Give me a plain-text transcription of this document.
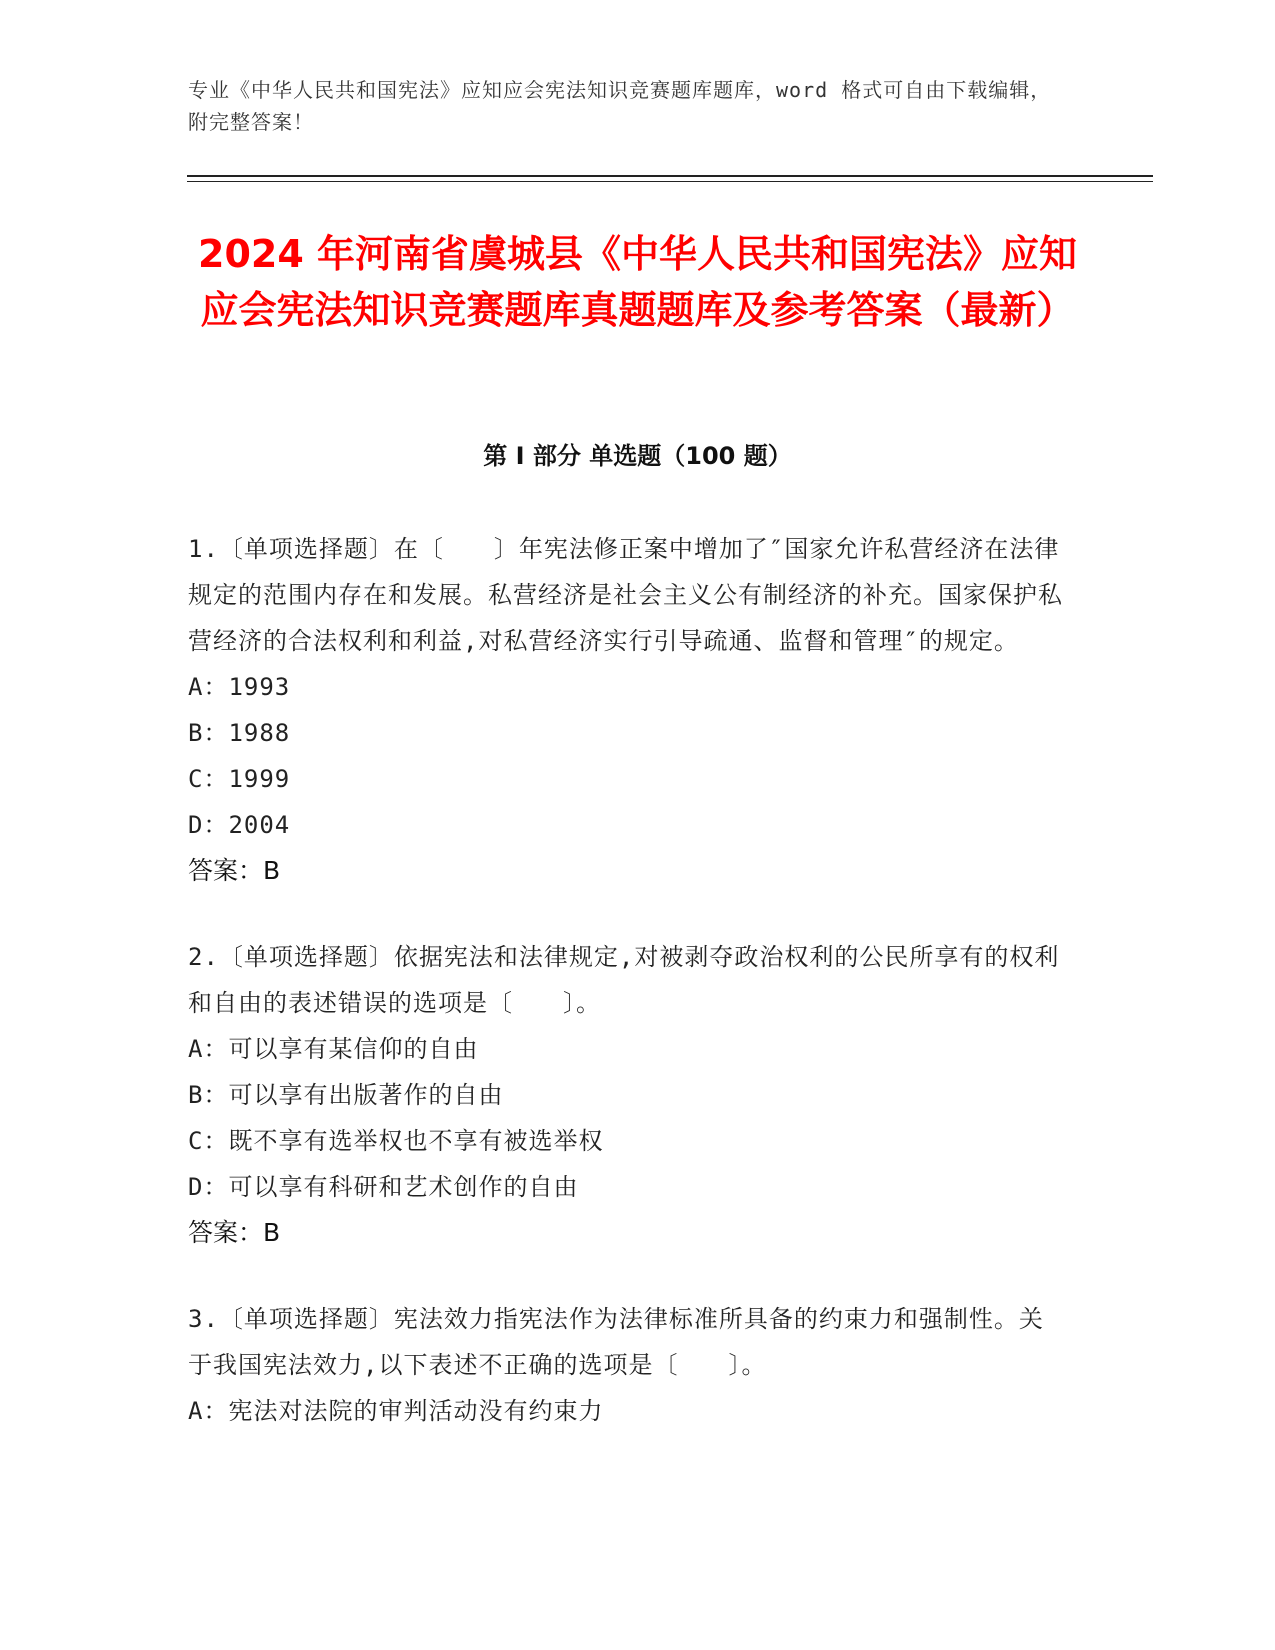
专业《中华人民共和国宪法》应知应会宪法知识竞赛题库题库，word 格式可自由下载编辑，附完整答案！
2024 年河南省虞城县《中华人民共和国宪法》应知应会宪法知识竞赛题库真题题库及参考答案（最新）
第 I 部分 单选题（100 题）
1.〔单项选择题〕在〔　　〕年宪法修正案中增加了″国家允许私营经济在法律规定的范围内存在和发展。私营经济是社会主义公有制经济的补充。国家保护私营经济的合法权利和利益,对私营经济实行引导疏通、监督和管理″的规定。
A：1993
B：1988
C：1999
D：2004
答案：B
2.〔单项选择题〕依据宪法和法律规定,对被剥夺政治权利的公民所享有的权利和自由的表述错误的选项是〔　　〕。
A：可以享有某信仰的自由
B：可以享有出版著作的自由
C：既不享有选举权也不享有被选举权
D：可以享有科研和艺术创作的自由
答案：B
3.〔单项选择题〕宪法效力指宪法作为法律标准所具备的约束力和强制性。关于我国宪法效力,以下表述不正确的选项是〔　　〕。
A：宪法对法院的审判活动没有约束力
